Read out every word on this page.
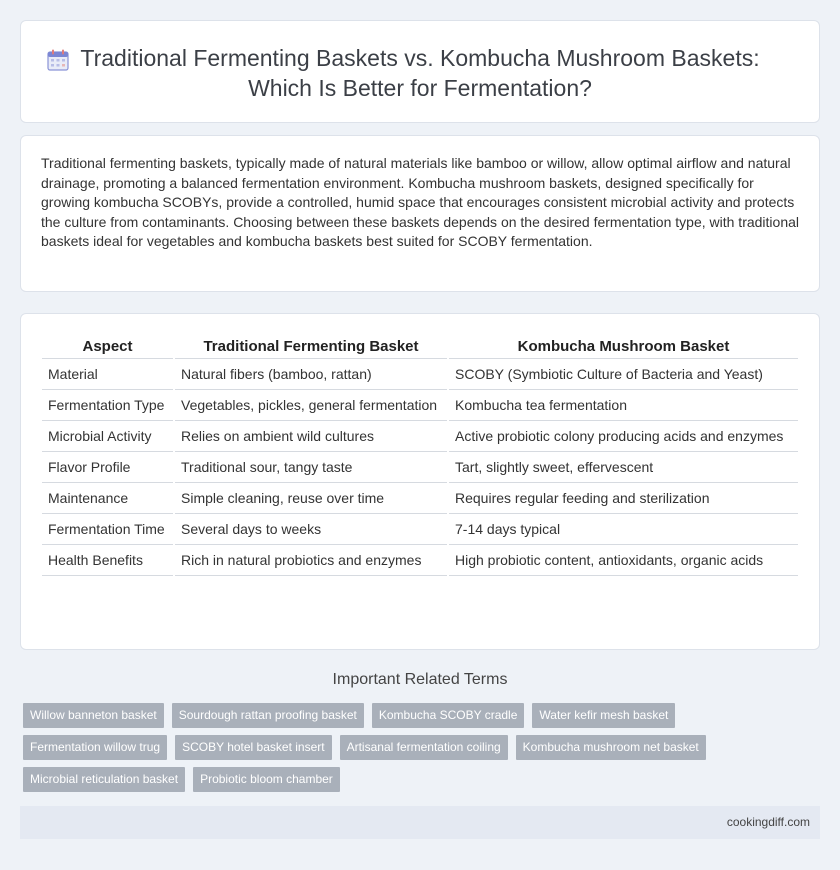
Traditional Fermenting Baskets vs. Kombucha Mushroom Baskets:
Which Is Better for Fermentation?

Traditional fermenting baskets, typically made of natural materials like bamboo or willow, allow optimal airflow and natural drainage, promoting a balanced fermentation environment. Kombucha mushroom baskets, designed specifically for growing kombucha SCOBYs, provide a controlled, humid space that encourages consistent microbial activity and protects the culture from contaminants. Choosing between these baskets depends on the desired fermentation type, with traditional baskets ideal for vegetables and kombucha baskets best suited for SCOBY fermentation.

Aspect	Traditional Fermenting Basket	Kombucha Mushroom Basket
Material	Natural fibers (bamboo, rattan)	SCOBY (Symbiotic Culture of Bacteria and Yeast)
Fermentation Type	Vegetables, pickles, general fermentation	Kombucha tea fermentation
Microbial Activity	Relies on ambient wild cultures	Active probiotic colony producing acids and enzymes
Flavor Profile	Traditional sour, tangy taste	Tart, slightly sweet, effervescent
Maintenance	Simple cleaning, reuse over time	Requires regular feeding and sterilization
Fermentation Time	Several days to weeks	7-14 days typical
Health Benefits	Rich in natural probiotics and enzymes	High probiotic content, antioxidants, organic acids
Important Related Terms
Willow banneton basket	Sourdough rattan proofing basket	Kombucha SCOBY cradle	Water kefir mesh basket
Fermentation willow trug	SCOBY hotel basket insert	Artisanal fermentation coiling	Kombucha mushroom net basket
Microbial reticulation basket	Probiotic bloom chamber
cookingdiff.com
